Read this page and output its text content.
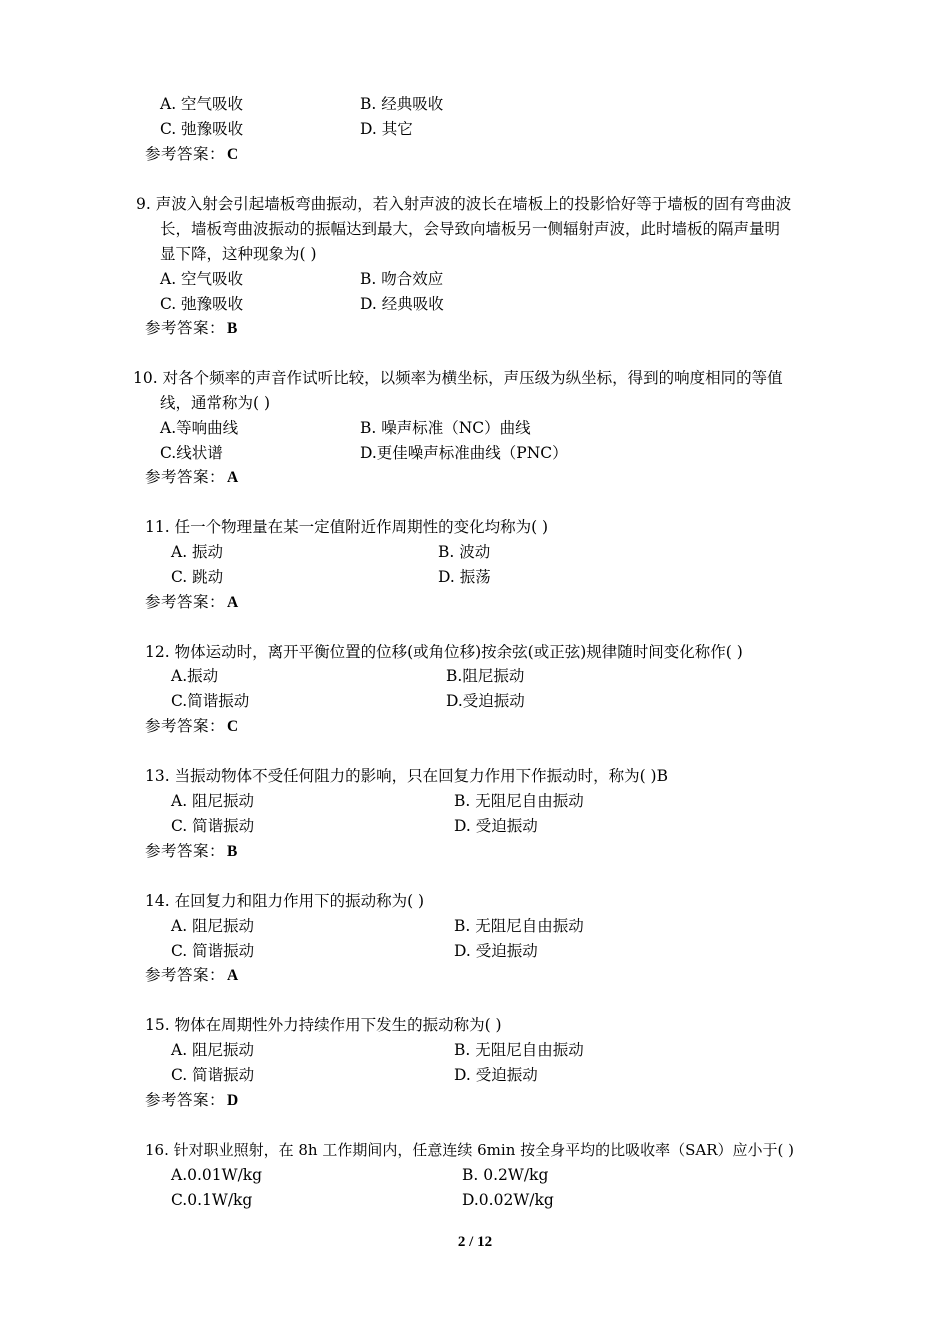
A. 空气吸收	B. 经典吸收
C. 弛豫吸收	D. 其它
参考答案： C
9. 声波入射会引起墙板弯曲振动，若入射声波的波长在墙板上的投影恰好等于墙板的固有弯曲波
长，墙板弯曲波振动的振幅达到最大，会导致向墙板另一侧辐射声波，此时墙板的隔声量明
显下降，这种现象为( )
A. 空气吸收	B. 吻合效应
C. 弛豫吸收	D. 经典吸收
参考答案： B
10. 对各个频率的声音作试听比较，以频率为横坐标，声压级为纵坐标，得到的响度相同的等值
线，通常称为( )
A.等响曲线	B. 噪声标准（NC）曲线
C.线状谱	D.更佳噪声标准曲线（PNC）
参考答案： A
11. 任一个物理量在某一定值附近作周期性的变化均称为( )
A. 振动	B. 波动
C. 跳动	D. 振荡
参考答案： A
12. 物体运动时，离开平衡位置的位移(或角位移)按余弦(或正弦)规律随时间变化称作( )
A.振动	B.阻尼振动
C.简谐振动	D.受迫振动
参考答案： C
13. 当振动物体不受任何阻力的影响，只在回复力作用下作振动时，称为( )B
A. 阻尼振动	B. 无阻尼自由振动
C. 简谐振动	D. 受迫振动
参考答案： B
14. 在回复力和阻力作用下的振动称为( )
A. 阻尼振动	B. 无阻尼自由振动
C. 简谐振动	D. 受迫振动
参考答案： A
15. 物体在周期性外力持续作用下发生的振动称为( )
A. 阻尼振动	B. 无阻尼自由振动
C. 简谐振动	D. 受迫振动
参考答案： D
16. 针对职业照射，在 8h 工作期间内，任意连续 6min 按全身平均的比吸收率（SAR）应小于( )
A.0.01W/kg	B. 0.2W/kg
C.0.1W/kg	D.0.02W/kg
2 / 12
